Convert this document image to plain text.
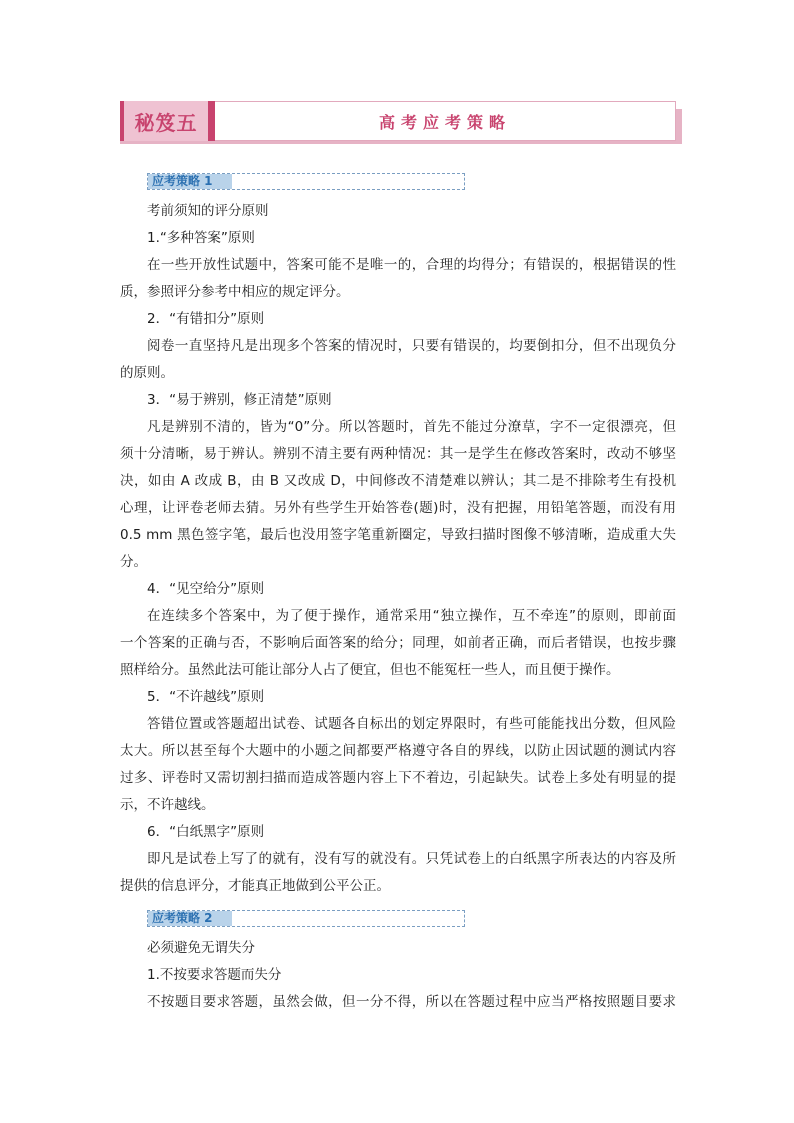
秘笈五	高考应考策略
应考策略 1
考前须知的评分原则
1.“多种答案”原则
在一些开放性试题中，答案可能不是唯一的，合理的均得分；有错误的，根据错误的性
质，参照评分参考中相应的规定评分。
2．“有错扣分”原则
阅卷一直坚持凡是出现多个答案的情况时，只要有错误的，均要倒扣分，但不出现负分
的原则。
3．“易于辨别，修正清楚”原则
凡是辨别不清的，皆为“0”分。所以答题时，首先不能过分潦草，字不一定很漂亮，但
须十分清晰，易于辨认。辨别不清主要有两种情况：其一是学生在修改答案时，改动不够坚
决，如由 A 改成 B，由 B 又改成 D，中间修改不清楚难以辨认；其二是不排除考生有投机
心理，让评卷老师去猜。另外有些学生开始答卷(题)时，没有把握，用铅笔答题，而没有用
0.5 mm 黑色签字笔，最后也没用签字笔重新圈定，导致扫描时图像不够清晰，造成重大失
分。
4．“见空给分”原则
在连续多个答案中，为了便于操作，通常采用“独立操作，互不牵连”的原则，即前面
一个答案的正确与否，不影响后面答案的给分；同理，如前者正确，而后者错误，也按步骤
照样给分。虽然此法可能让部分人占了便宜，但也不能冤枉一些人，而且便于操作。
5．“不许越线”原则
答错位置或答题超出试卷、试题各自标出的划定界限时，有些可能能找出分数，但风险
太大。所以甚至每个大题中的小题之间都要严格遵守各自的界线，以防止因试题的测试内容
过多、评卷时又需切割扫描而造成答题内容上下不着边，引起缺失。试卷上多处有明显的提
示，不许越线。
6．“白纸黑字”原则
即凡是试卷上写了的就有，没有写的就没有。只凭试卷上的白纸黑字所表达的内容及所
提供的信息评分，才能真正地做到公平公正。
应考策略 2
必须避免无谓失分
1.不按要求答题而失分
不按题目要求答题，虽然会做，但一分不得，所以在答题过程中应当严格按照题目要求
